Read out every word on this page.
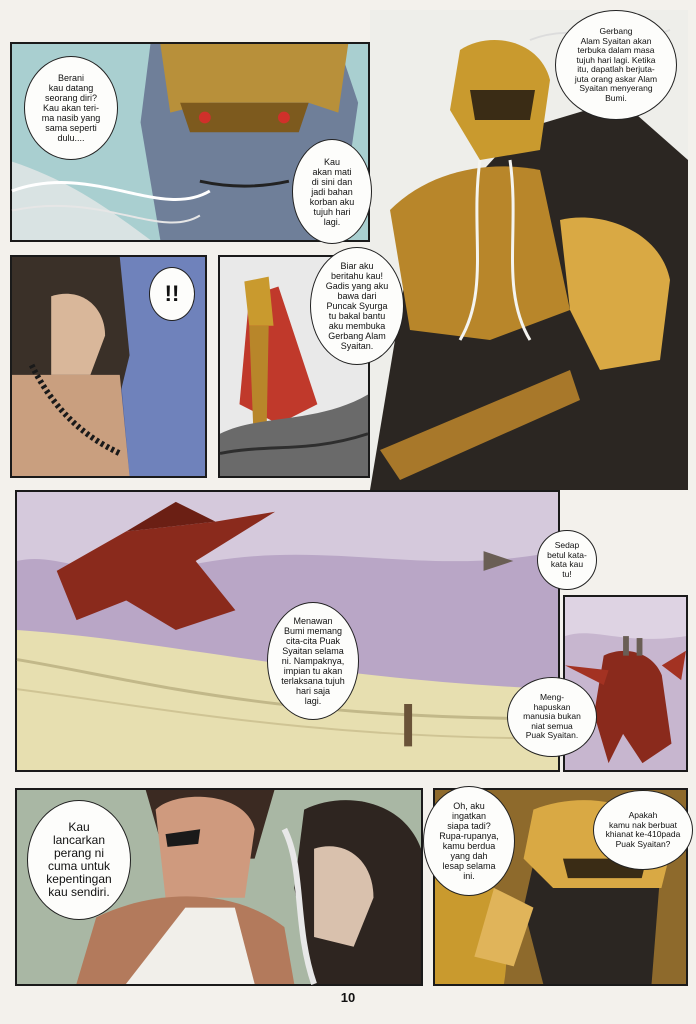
Berani
kau datang
seorang diri?
Kau akan teri-
ma nasib yang
sama seperti
dulu....
Kau
akan mati
di sini dan
jadi bahan
korban aku
tujuh hari
lagi.
Gerbang
Alam Syaitan akan
terbuka dalam masa
tujuh hari lagi. Ketika
itu, dapatlah berjuta-
juta orang askar Alam
Syaitan menyerang
Bumi.
!!
Biar aku
beritahu kau!
Gadis yang aku
bawa dari
Puncak Syurga
tu bakal bantu
aku membuka
Gerbang Alam
Syaitan.
Menawan
Bumi memang
cita-cita Puak
Syaitan selama
ni. Nampaknya,
impian tu akan
terlaksana tujuh
hari saja
lagi.
Sedap
betul kata-
kata kau
tu!
Meng-
hapuskan
manusia bukan
niat semua
Puak Syaitan.
Kau
lancarkan
perang ni
cuma untuk
kepentingan
kau sendiri.
Oh, aku
ingatkan
siapa tadi?
Rupa-rupanya,
kamu berdua
yang dah
lesap selama
ini.
Apakah
kamu nak berbuat
khianat ke-410pada
Puak Syaitan?
10
